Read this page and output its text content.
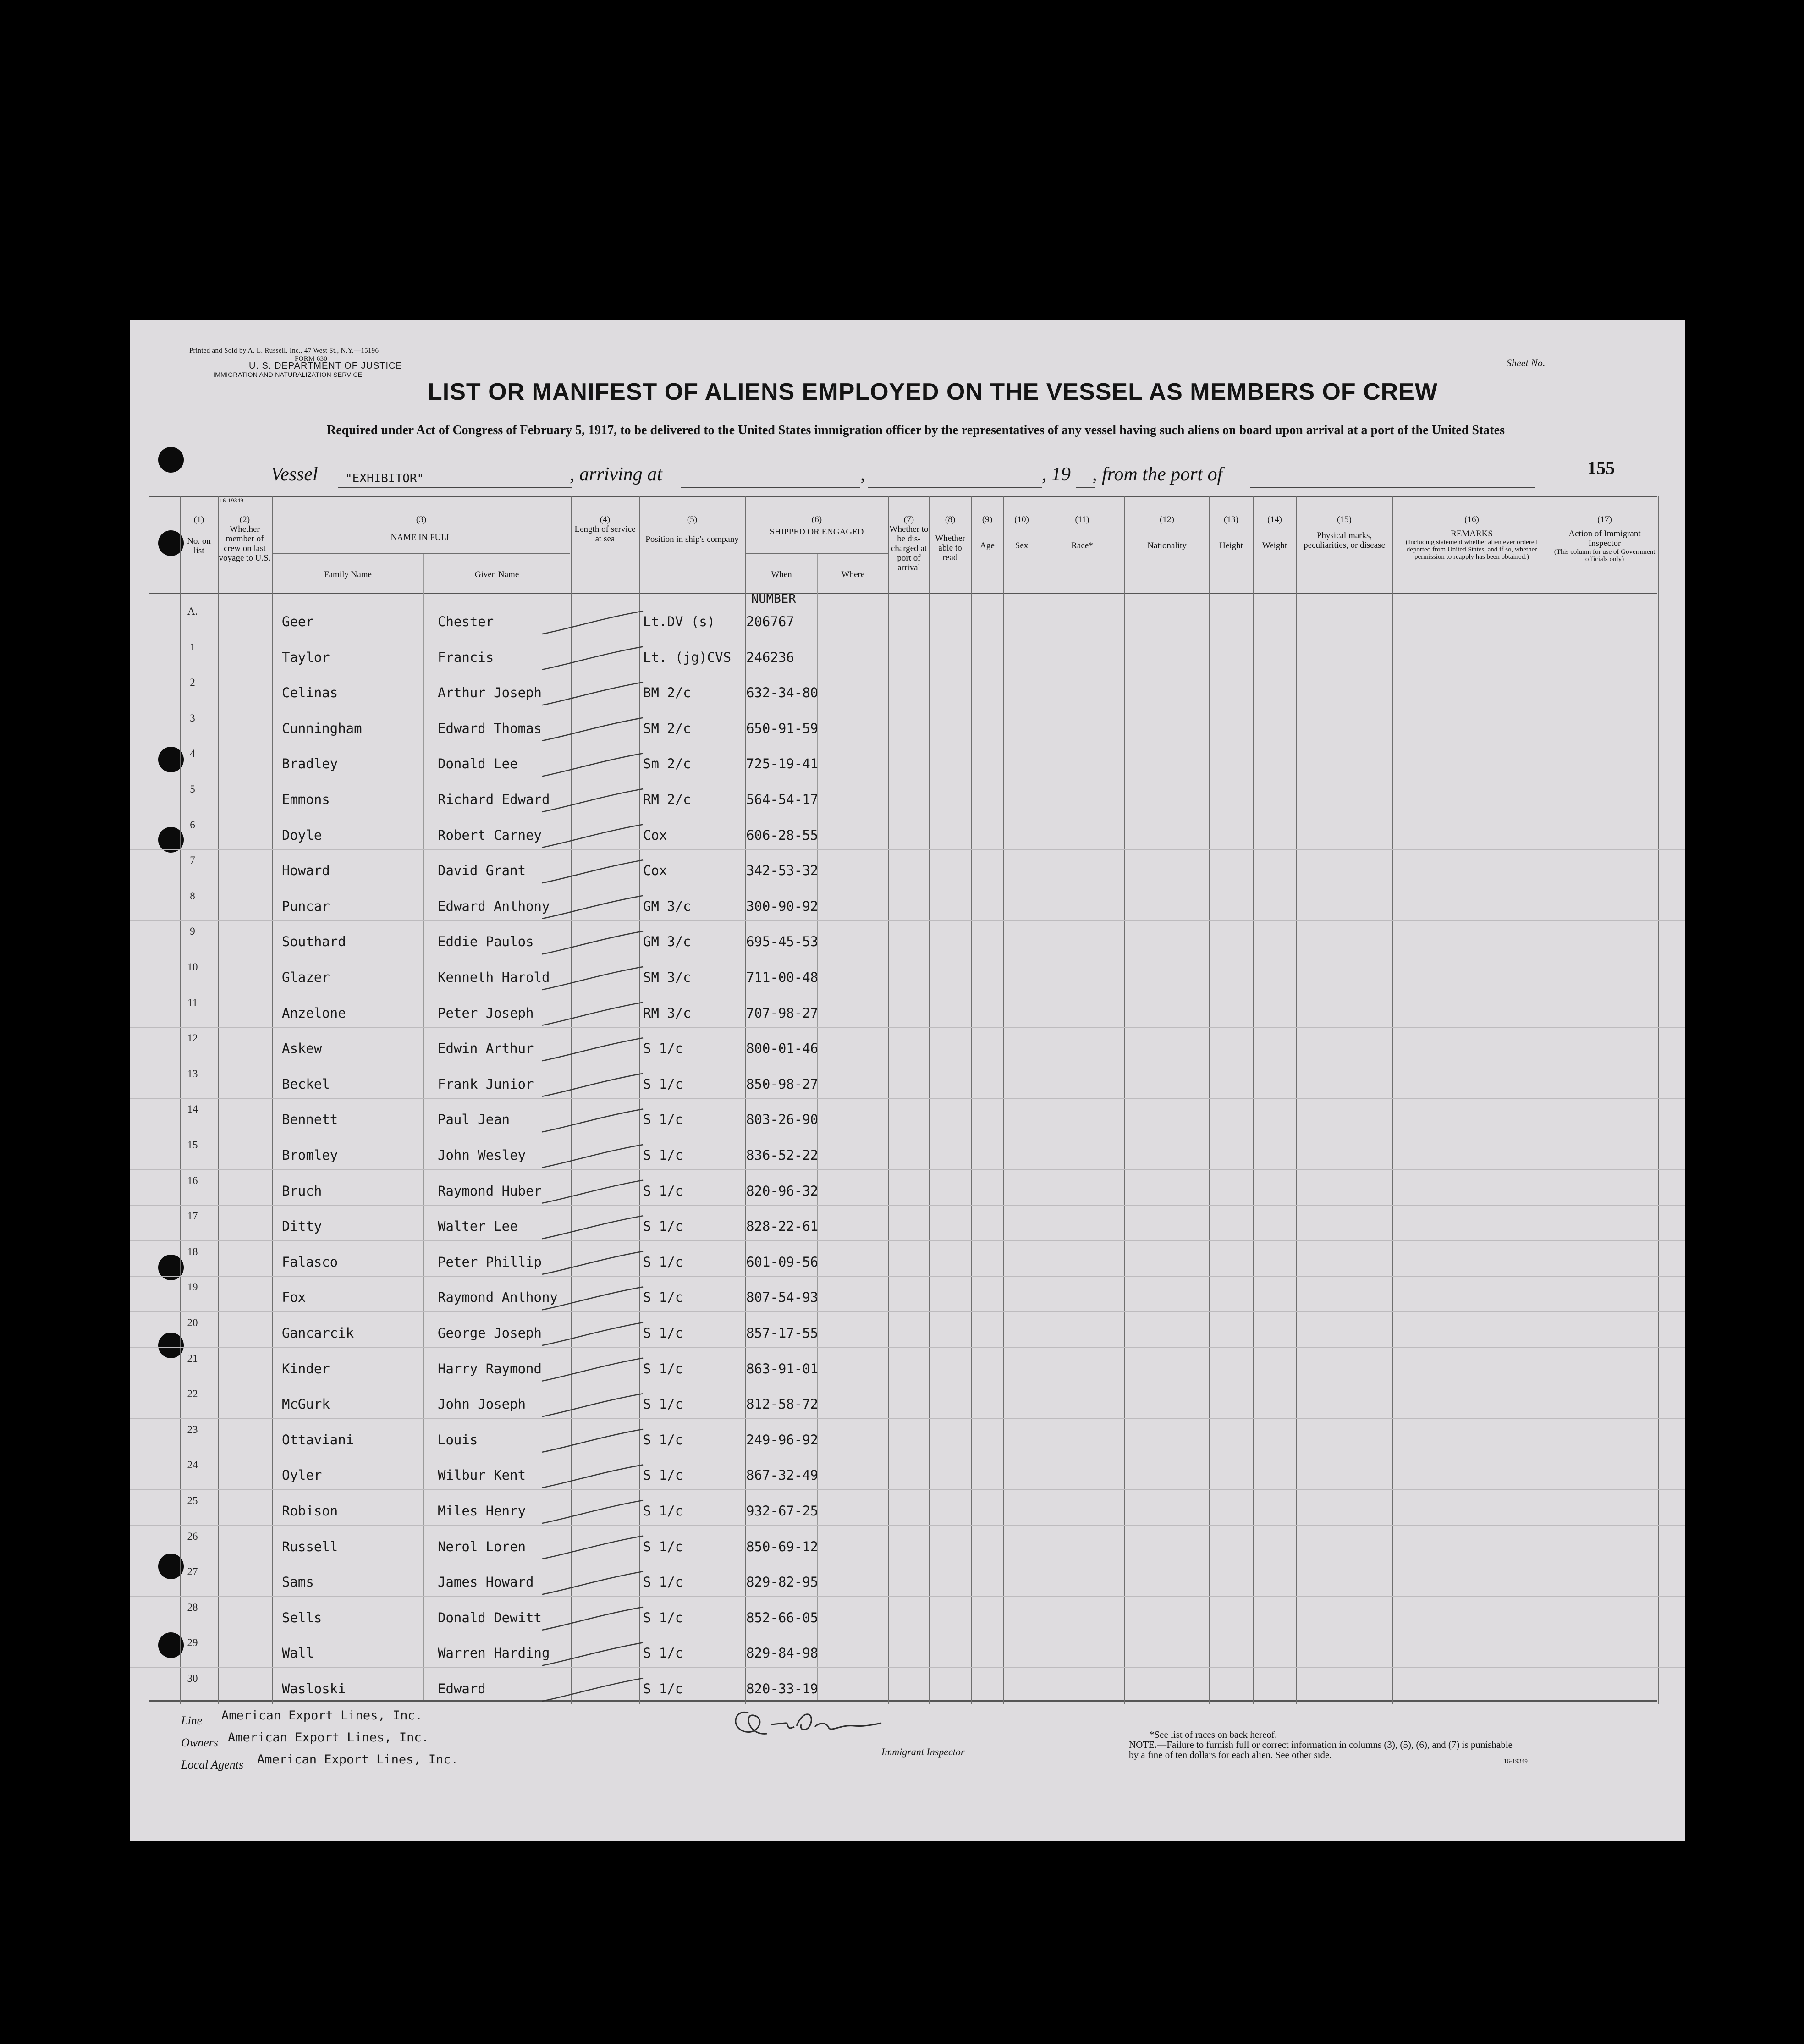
Printed and Sold by A. L. Russell, Inc., 47 West St., N.Y.—15196
FORM 630
U. S. DEPARTMENT OF JUSTICE
IMMIGRATION AND NATURALIZATION SERVICE
Sheet No.
LIST OR MANIFEST OF ALIENS EMPLOYED ON THE VESSEL AS MEMBERS OF CREW
Required under Act of Congress of February 5, 1917, to be delivered to the United States immigration officer by the representatives of any vessel having such aliens on board upon arrival at a port of the United States
Vessel "EXHIBITOR"	, arriving at	,	, 19 , from the port of	155
16-19349
(1)
No. on list
(2)
Whether member of crew on last voyage to U.S.
(3)
NAME IN FULL
Family Name	Given Name
(4)
Length of service at sea
(5)
Position in ship's company
(6)
SHIPPED OR ENGAGED
When	Where
(7)
Whether to be dis-charged at port of arrival
(8)
Whether able to read
(9)
Age
(10)
Sex
(11)
Race*
(12)
Nationality
(13)
Height
(14)
Weight
(15)
Physical marks, peculiarities, or disease
(16)
REMARKS
(Including statement whether alien ever ordered deported from United States, and if so, whether permission to reapply has been obtained.)
(17)
Action of Immigrant Inspector
(This column for use of Government officials only)
NUMBER
A.
Geer	Chester	Lt.DV (s) 206767
1
Taylor	Francis	Lt. (jg)CVS 246236
2
Celinas	Arthur Joseph	BM 2/c	632-34-80
3
Cunningham	Edward Thomas	SM 2/c	650-91-59
4
Bradley	Donald Lee	Sm 2/c	725-19-41
5
Emmons	Richard Edward	RM 2/c	564-54-17
6
Doyle	Robert Carney	Cox	606-28-55
7
Howard	David Grant	Cox	342-53-32
8
Puncar	Edward Anthony	GM 3/c	300-90-92
9
Southard	Eddie Paulos	GM 3/c	695-45-53
10
Glazer	Kenneth Harold	SM 3/c	711-00-48
11
Anzelone	Peter Joseph	RM 3/c	707-98-27
12
Askew	Edwin Arthur	S 1/c	800-01-46
13
Beckel	Frank Junior	S 1/c	850-98-27
14
Bennett	Paul Jean	S 1/c	803-26-90
15
Bromley	John Wesley	S 1/c	836-52-22
16
Bruch	Raymond Huber	S 1/c	820-96-32
17
Ditty	Walter Lee	S 1/c	828-22-61
18
Falasco	Peter Phillip	S 1/c	601-09-56
19
Fox	Raymond Anthony	S 1/c	807-54-93
20
Gancarcik	George Joseph	S 1/c	857-17-55
21
Kinder	Harry Raymond	S 1/c	863-91-01
22
McGurk	John Joseph	S 1/c	812-58-72
23
Ottaviani	Louis	S 1/c	249-96-92
24
Oyler	Wilbur Kent	S 1/c	867-32-49
25
Robison	Miles Henry	S 1/c	932-67-25
26
Russell	Nerol Loren	S 1/c	850-69-12
27
Sams	James Howard	S 1/c	829-82-95
28
Sells	Donald Dewitt	S 1/c	852-66-05
29
Wall	Warren Harding	S 1/c	829-84-98
30
Wasloski	Edward	S 1/c	820-33-19
Line American Export Lines, Inc.
Owners American Export Lines, Inc.
Local Agents American Export Lines, Inc.
Immigrant Inspector
*See list of races on back hereof.
NOTE.—Failure to furnish full or correct information in columns (3), (5), (6), and (7) is punishable by a fine of ten dollars for each alien. See other side.
16-19349
